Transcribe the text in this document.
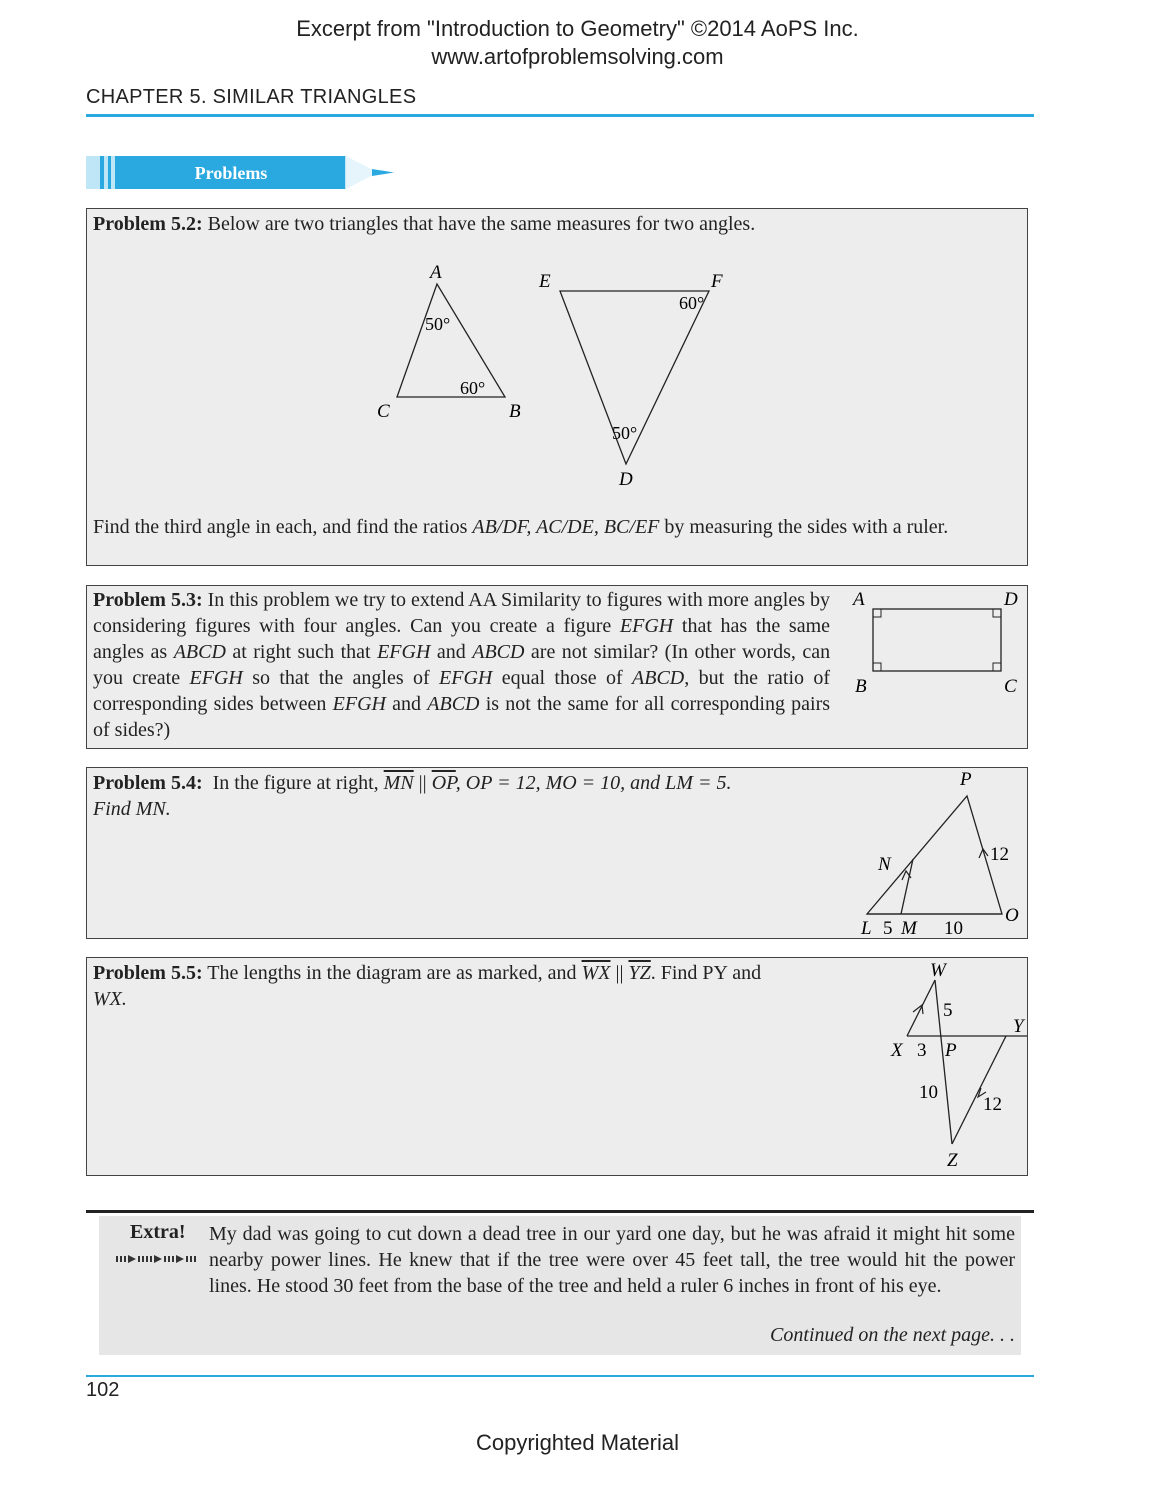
Excerpt from "Introduction to Geometry" ©2014 AoPS Inc.
www.artofproblemsolving.com
CHAPTER 5. SIMILAR TRIANGLES
Problems
Problem 5.2: Below are two triangles that have the same measures for two angles.
A
C	B
50°
60°
E	F
D
60°
50°
Find the third angle in each, and find the ratios AB/DF, AC/DE, BC/EF by measuring the sides with a ruler.
Problem 5.3: In this problem we try to extend AA Similarity to figures with more angles by considering figures with four angles. Can you create a figure EFGH that has the same angles as ABCD at right such that EFGH and ABCD are not similar? (In other words, can you create EFGH so that the angles of EFGH equal those of ABCD, but the ratio of corresponding sides between EFGH and ABCD is not the same for all corresponding pairs of sides?)
A	D
B	C
Problem 5.4: In the figure at right, $\overline{MN}$ || $\overline{OP}$, OP = 12, MO = 10, and LM = 5.
Find MN.
P
N
O
L 5 M 10
12
Problem 5.5: The lengths in the diagram are as marked, and $\overline{WX}$ || $\overline{YZ}$. Find PY and
WX.
W
5
Y
X 3 P
10
12
Z
Extra! My dad was going to cut down a dead tree in our yard one day, but he was afraid it might hit some nearby power lines. He knew that if the tree were over 45 feet tall, the tree would hit the power lines. He stood 30 feet from the base of the tree and held a ruler 6 inches in front of his eye.
Continued on the next page. . .
102
Copyrighted Material
